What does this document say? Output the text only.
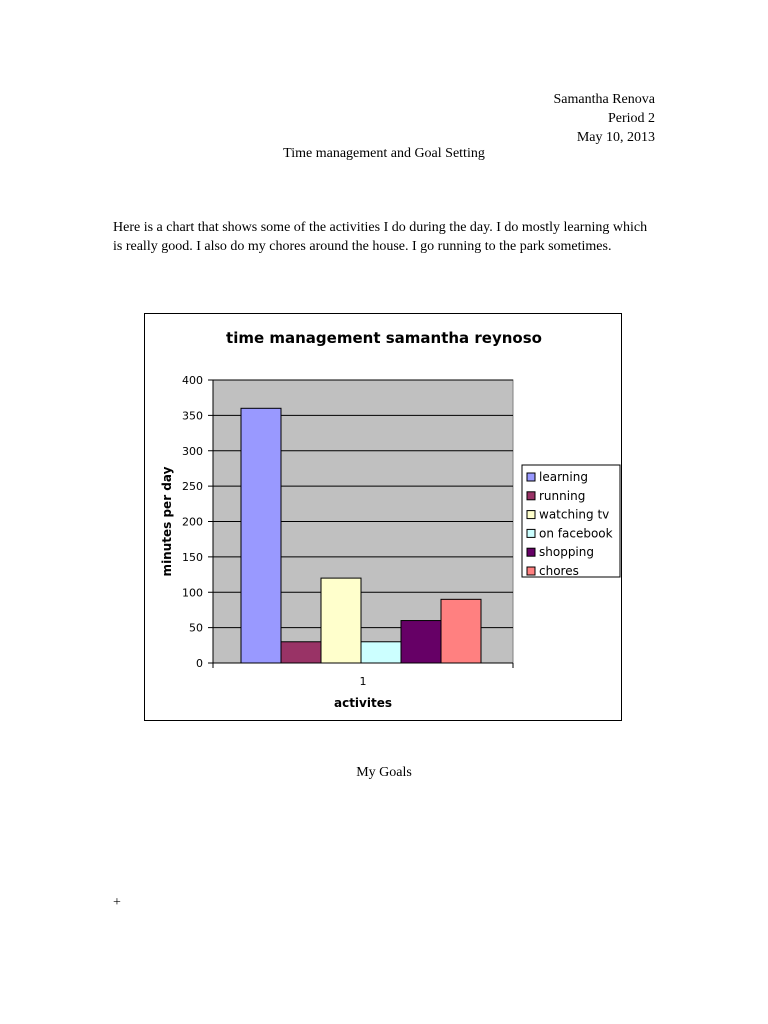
Samantha Renova
Period 2
May 10, 2013
Time management and Goal Setting
Here is a chart that shows some of the activities I do during the day. I do mostly learning which is really good. I also do my chores around the house. I go running to the park sometimes.
time management samantha reynoso
0
50
100
150
200
250
300
350
400
1
activites
minutes per day	learning
running
watching tv
on facebook
shopping
chores
My Goals
+
